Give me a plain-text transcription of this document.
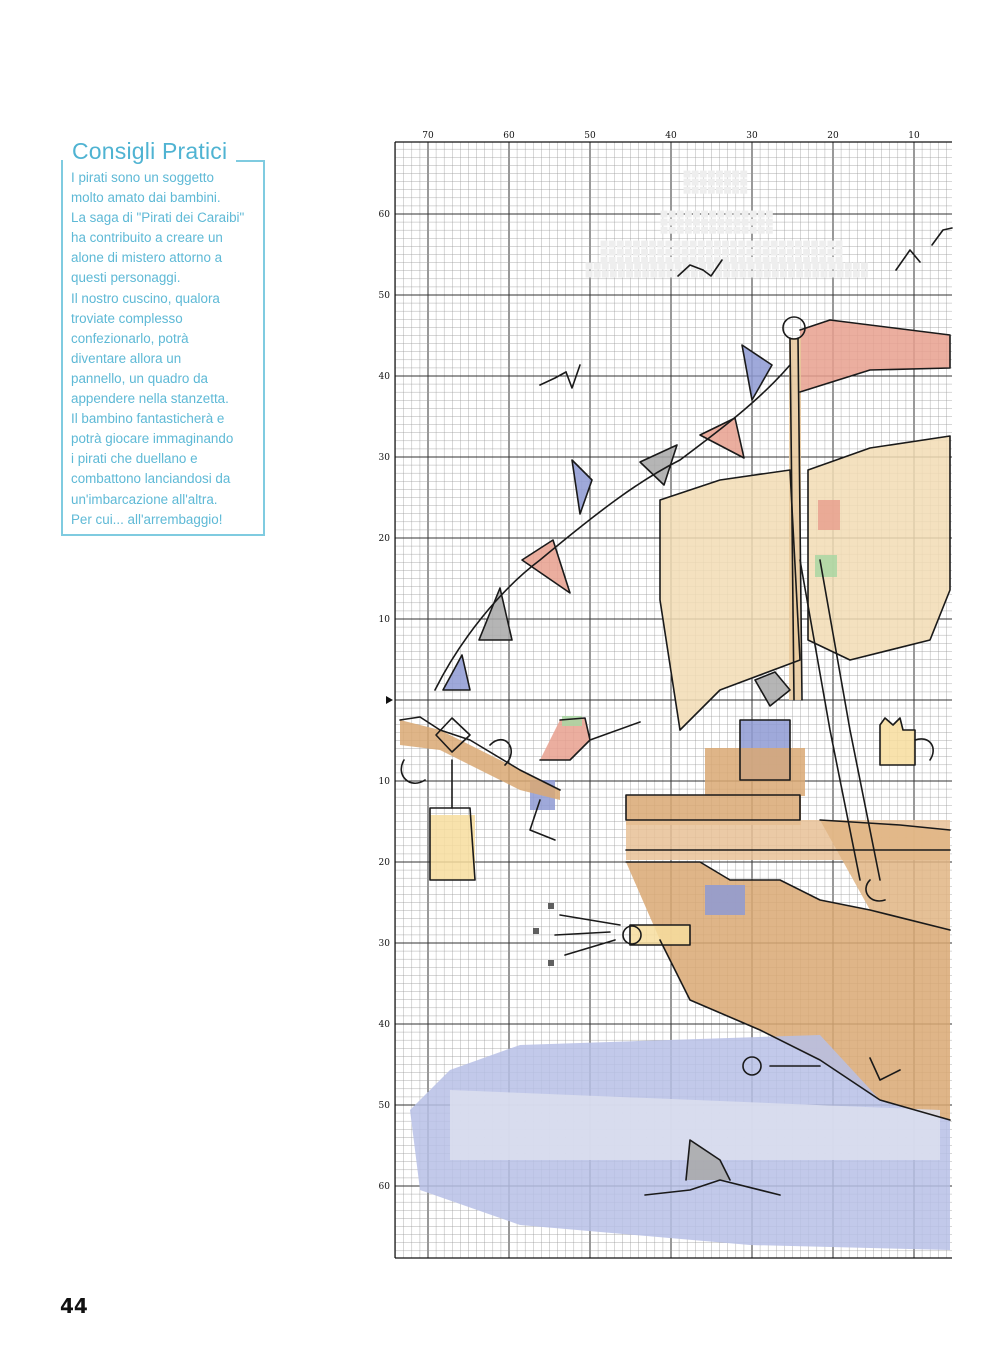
Consigli Pratici
I pirati sono un soggetto
molto amato dai bambini.
La saga di "Pirati dei Caraibi"
ha contribuito a creare un
alone di mistero attorno a
questi personaggi.
Il nostro cuscino, qualora
troviate complesso
confezionarlo, potrà
diventare allora un
pannello, un quadro da
appendere nella stanzetta.
Il bambino fantasticherà e
potrà giocare immaginando
i pirati che duellano e
combattono lanciandosi da
un'imbarcazione all'altra.
Per cui... all'arrembaggio!
70	60	50	40	30	20	10
60
50
40
30
20
10
10
20
30
40
50
60
44
